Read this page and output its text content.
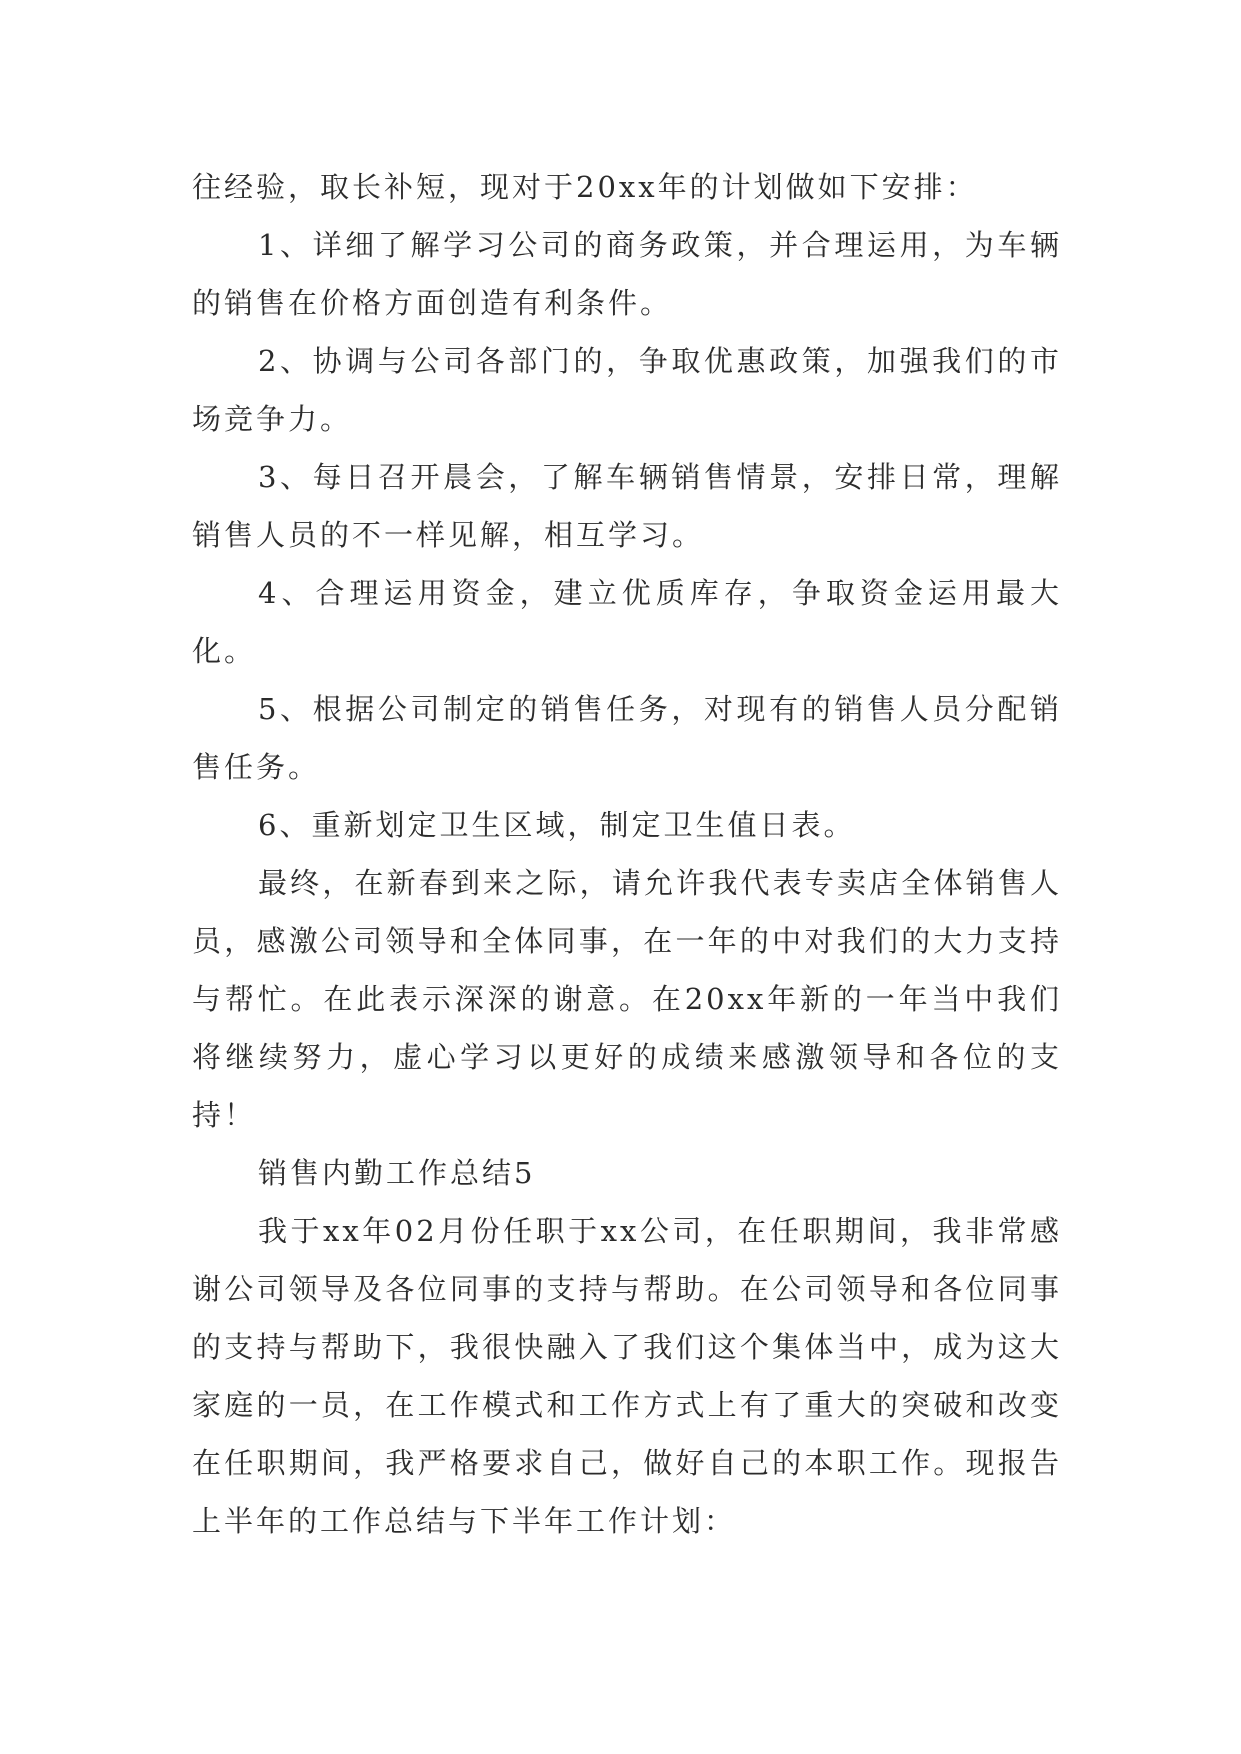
往经验，取长补短，现对于20xx年的计划做如下安排：

1、详细了解学习公司的商务政策，并合理运用，为车辆的销售在价格方面创造有利条件。

2、协调与公司各部门的，争取优惠政策，加强我们的市场竞争力。

3、每日召开晨会，了解车辆销售情景，安排日常，理解销售人员的不一样见解，相互学习。

4、合理运用资金，建立优质库存，争取资金运用最大化。

5、根据公司制定的销售任务，对现有的销售人员分配销售任务。

6、重新划定卫生区域，制定卫生值日表。

最终，在新春到来之际，请允许我代表专卖店全体销售人员，感激公司领导和全体同事，在一年的中对我们的大力支持与帮忙。在此表示深深的谢意。在20xx年新的一年当中我们将继续努力，虚心学习以更好的成绩来感激领导和各位的支持！

销售内勤工作总结5

我于xx年02月份任职于xx公司，在任职期间，我非常感谢公司领导及各位同事的支持与帮助。在公司领导和各位同事的支持与帮助下，我很快融入了我们这个集体当中，成为这大家庭的一员，在工作模式和工作方式上有了重大的突破和改变在任职期间，我严格要求自己，做好自己的本职工作。现报告上半年的工作总结与下半年工作计划：
